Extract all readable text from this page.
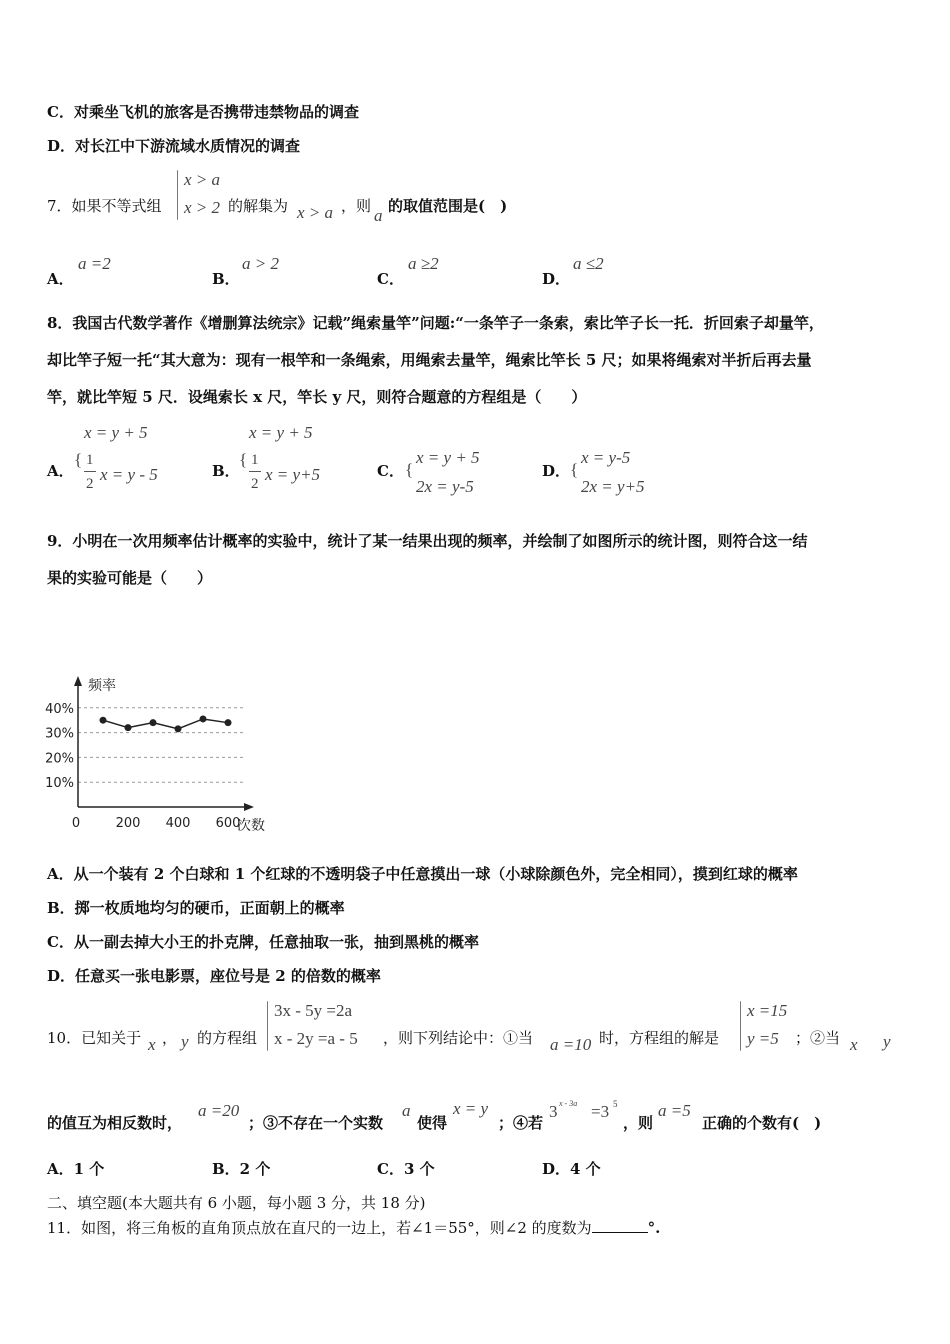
C．对乘坐飞机的旅客是否携带违禁物品的调查
D．对长江中下游流域水质情况的调查
x > a
x > 2
7．如果不等式组	的解集为 x > a ，则 a 的取值范围是(　)
A．
a =2
B．
a > 2
C．
a ≥2
D．
a ≤2
8．我国古代数学著作《增删算法统宗》记载”绳索量竿”问题:“一条竿子一条索，索比竿子长一托．折回索子却量竿，
却比竿子短一托“其大意为：现有一根竿和一条绳索，用绳索去量竿，绳索比竿长 5 尺；如果将绳索对半折后再去量
竿，就比竿短 5 尺．设绳索长 x 尺，竿长 y 尺，则符合题意的方程组是（　　）
A．
x = y + 5
{ 1
2 x = y - 5	B．
x = y + 5
{ 1
2 x = y+5	C． {
x = y + 5
2x = y-5
D． {
x = y-5
2x = y+5
9．小明在一次用频率估计概率的实验中，统计了某一结果出现的频率，并绘制了如图所示的统计图，则符合这一结
果的实验可能是（　　）
10%
20%
30%
40%
0	200 400 600
频率
次数
A．从一个装有 2 个白球和 1 个红球的不透明袋子中任意摸出一球（小球除颜色外，完全相同），摸到红球的概率
B．掷一枚质地均匀的硬币，正面朝上的概率
C．从一副去掉大小王的扑克牌，任意抽取一张，抽到黑桃的概率
D．任意买一张电影票，座位号是 2 的倍数的概率
10．已知关于 x ， y 的方程组
3x - 5y =2a
x - 2y =a - 5 ，则下列结论中：①当 a =10 时，方程组的解是
x =15
y =5 ；②当 x y
的值互为相反数时，
a =20
；③不存在一个实数
a
使得
x = y
；④若
3 x - 3a =3 5
，则
a =5
正确的个数有(　)
A．1 个	B．2 个	C．3 个	D．4 个
二、填空题(本大题共有 6 小题，每小题 3 分，共 18 分)
11．如图，将三角板的直角顶点放在直尺的一边上，若∠1＝55°，则∠2 的度数为	°.
